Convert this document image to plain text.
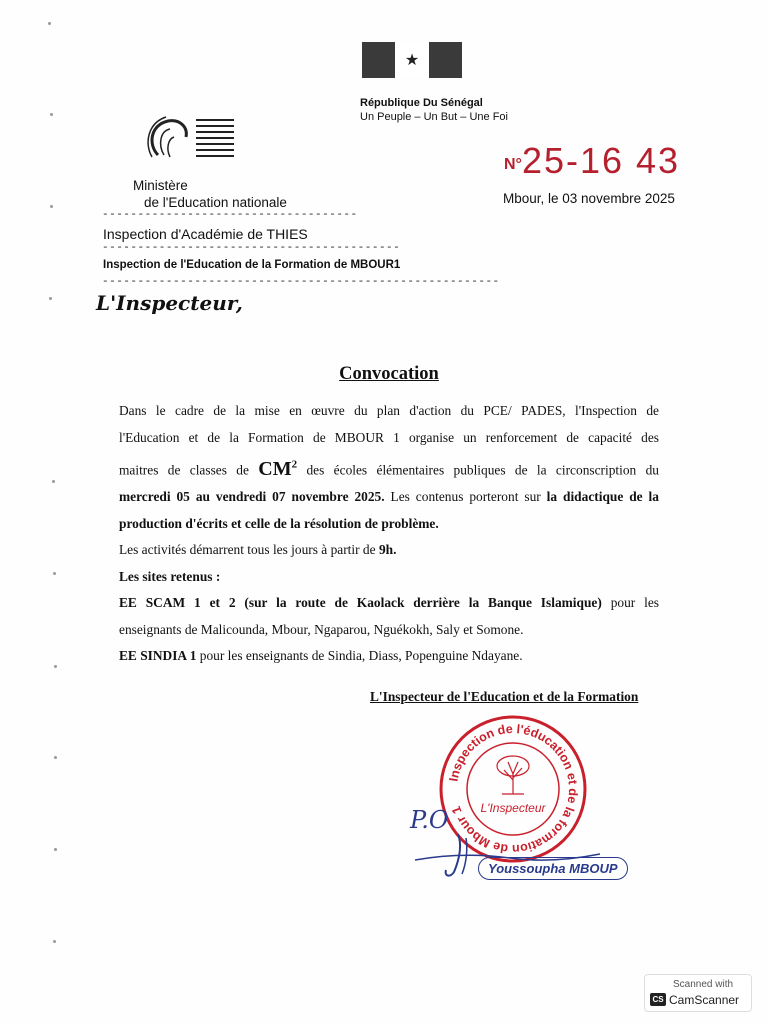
★
République Du Sénégal
Un Peuple – Un But – Une Foi
Ministère
de l'Education nationale
------------------------------------
Inspection d'Académie de THIES
------------------------------------------
Inspection de l'Education de la Formation de MBOUR1
--------------------------------------------------------
L'Inspecteur,
N°25-16 43
Mbour, le 03 novembre 2025
Convocation

Dans le cadre de la mise en œuvre du plan d'action du PCE/ PADES, l'Inspection de

l'Education et de la Formation de MBOUR 1 organise un renforcement de capacité des

maitres de classes de $CM^2$ des écoles élémentaires publiques de la circonscription du

mercredi 05 au vendredi 07 novembre 2025. Les contenus porteront sur la didactique de la

production d'écrits et celle de la résolution de problème.

Les activités démarrent tous les jours à partir de 9h.

Les sites retenus :

EE SCAM 1 et 2 (sur la route de Kaolack derrière la Banque Islamique) pour les

enseignants de Malicounda, Mbour, Ngaparou, Nguékokh, Saly et Somone.

EE SINDIA 1 pour les enseignants de Sindia, Diass, Popenguine Ndayane.

L'Inspecteur de l'Education et de la Formation
Inspection de l'éducation et de la formation de Mbour 1	L'Inspecteur
P.O
Youssoupha MBOUP
Scanned with
CS CamScanner
